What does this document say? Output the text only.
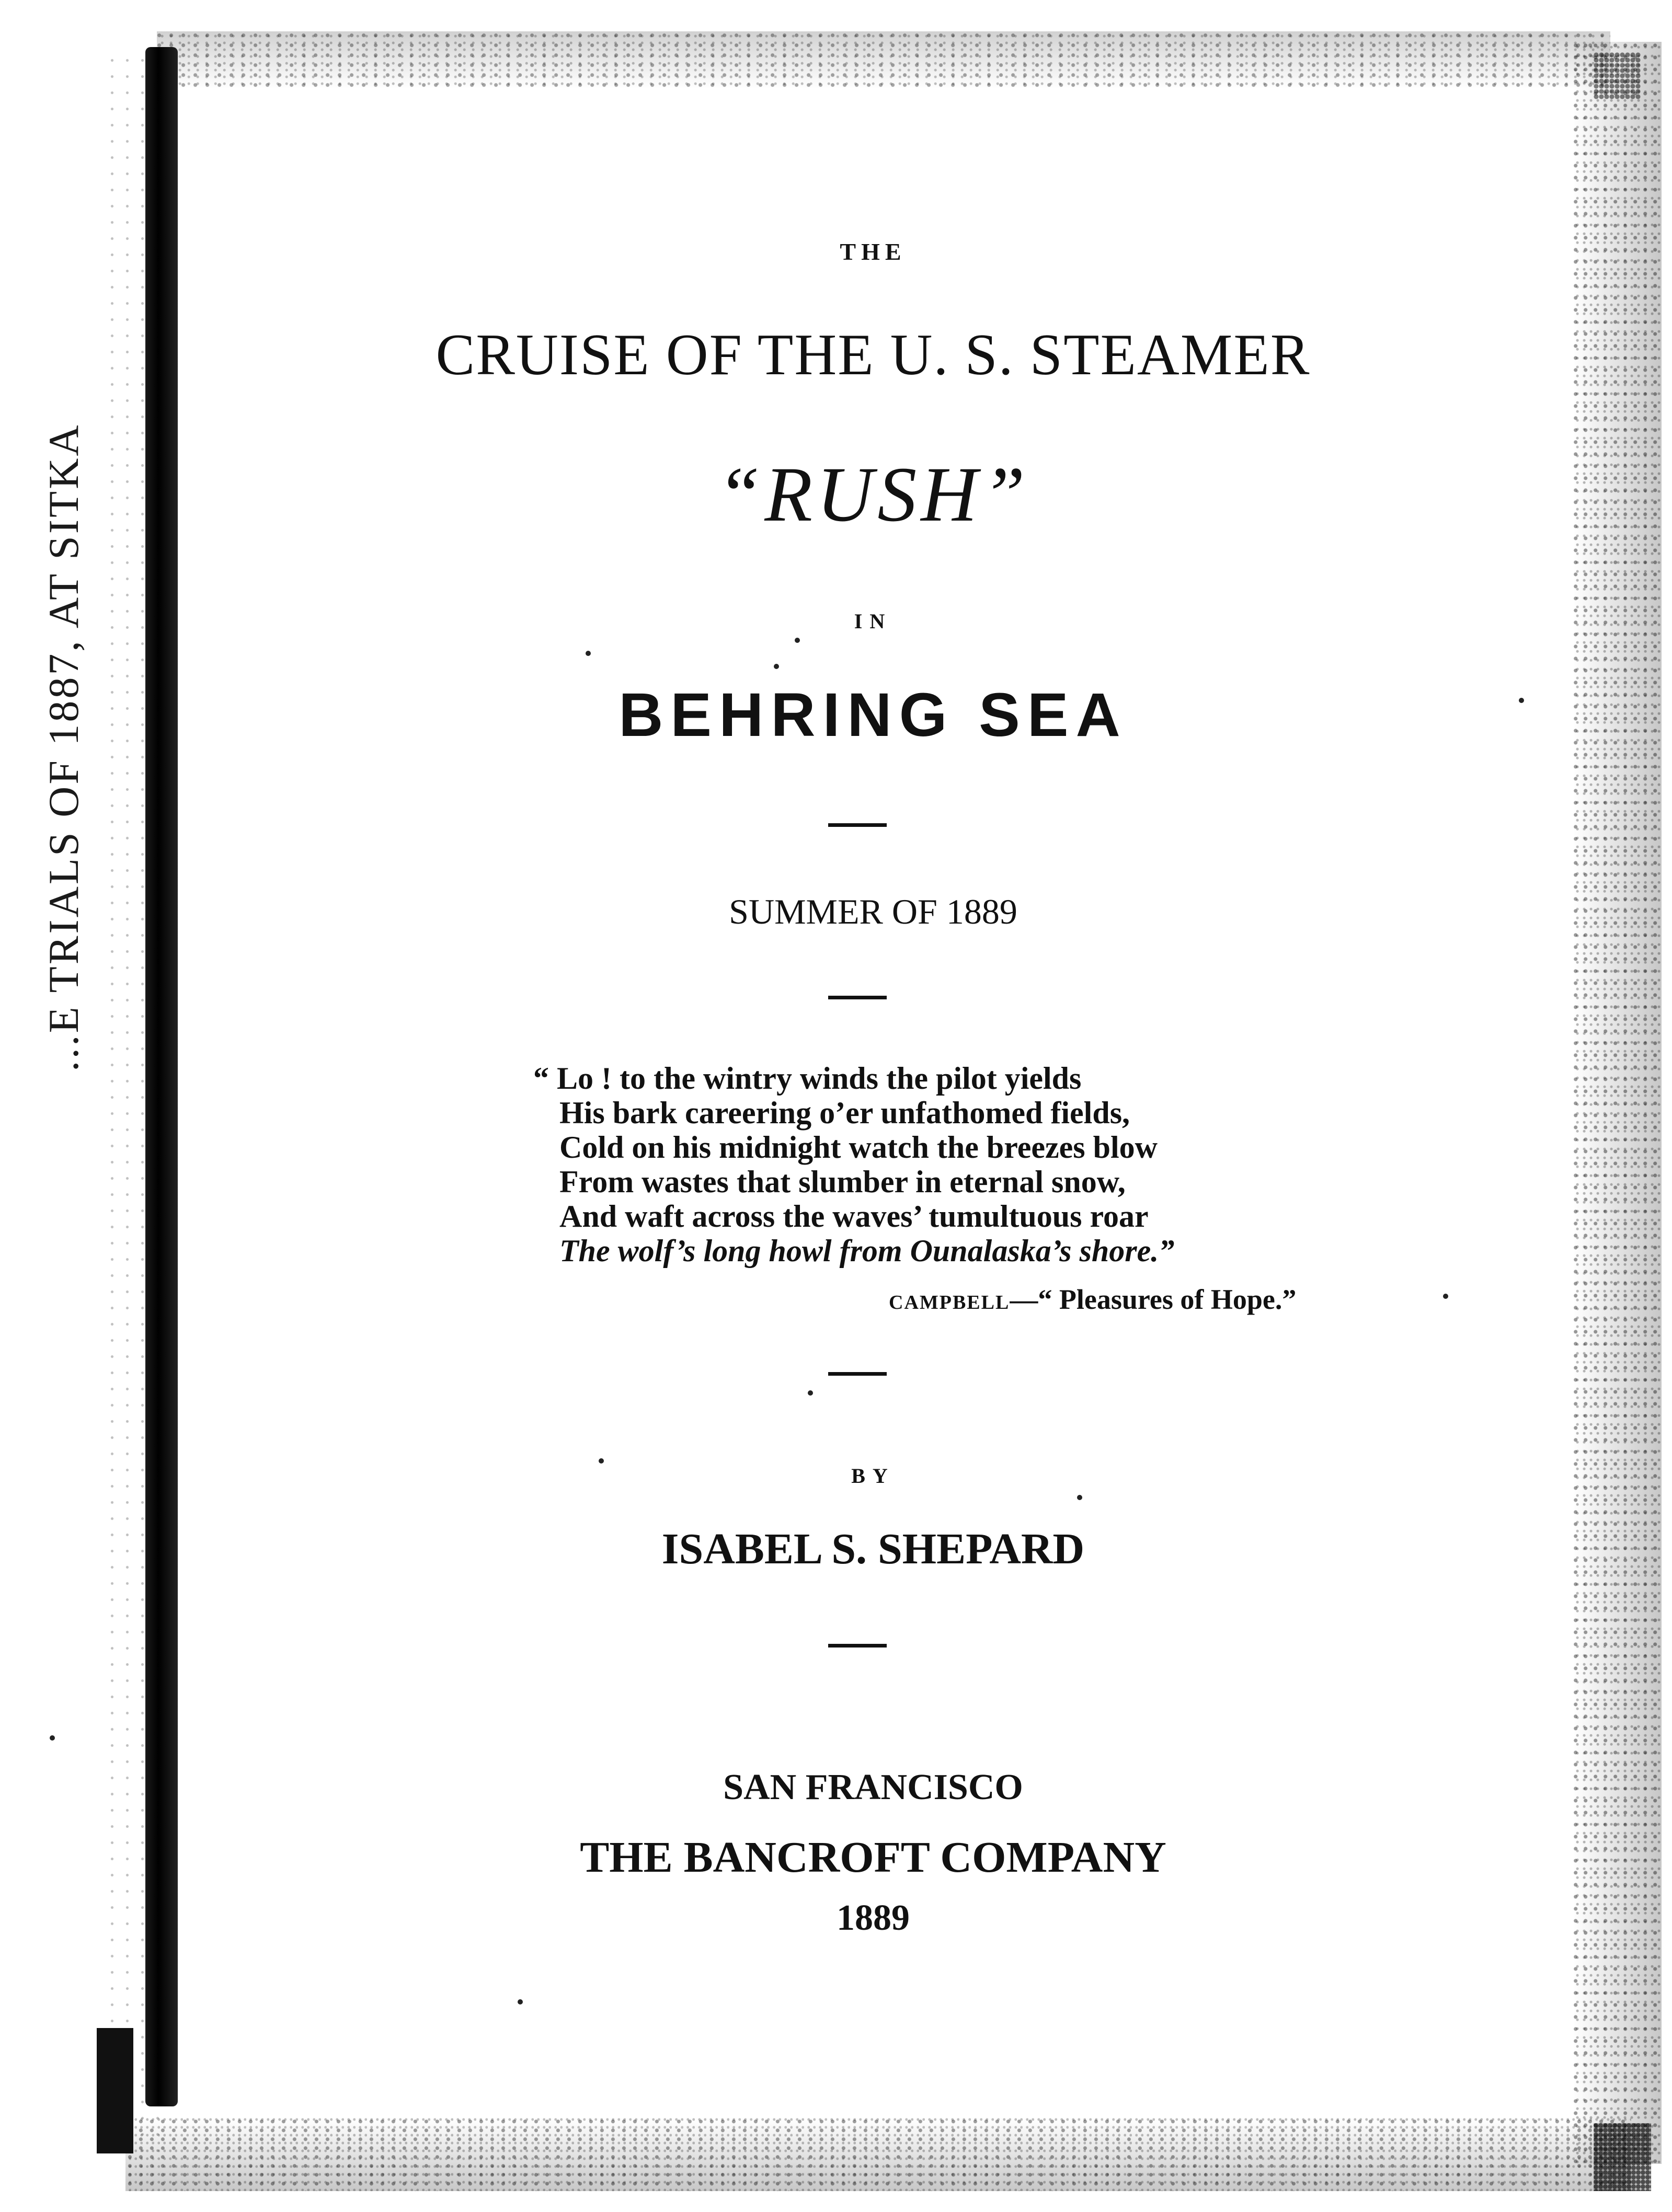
...E TRIALS OF 1887, AT SITKA
THE
CRUISE OF THE U. S. STEAMER
“RUSH”
IN
BEHRING SEA
SUMMER OF 1889
“ Lo ! to the wintry winds the pilot yields
His bark careering o’er unfathomed fields,
Cold on his midnight watch the breezes blow
From wastes that slumber in eternal snow,
And waft across the waves’ tumultuous roar
The wolf’s long howl from Ounalaska’s shore.”
CAMPBELL—“ Pleasures of Hope.”
BY
ISABEL S. SHEPARD
SAN FRANCISCO
THE BANCROFT COMPANY
1889
